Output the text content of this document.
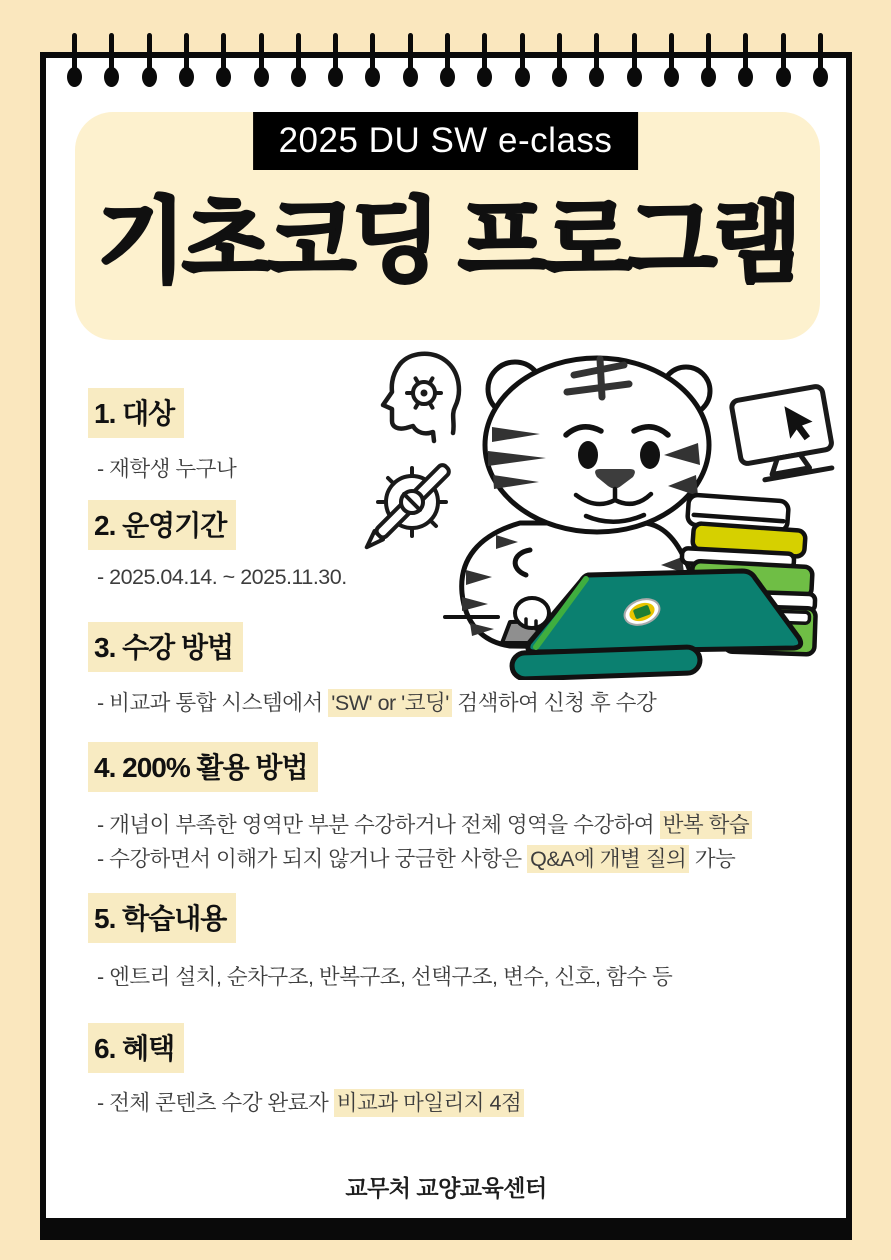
2025 DU SW e-class
기초코딩 프로그램
1. 대상

- 재학생 누구나

2. 운영기간

- 2025.04.14. ~ 2025.11.30.

3. 수강 방법

- 비교과 통합 시스템에서 'SW' or '코딩' 검색하여 신청 후 수강

4. 200% 활용 방법

- 개념이 부족한 영역만 부분 수강하거나 전체 영역을 수강하여 반복 학습

- 수강하면서 이해가 되지 않거나 궁금한 사항은 Q&A에 개별 질의 가능

5. 학습내용

- 엔트리 설치, 순차구조, 반복구조, 선택구조, 변수, 신호, 함수 등

6. 혜택

- 전체 콘텐츠 수강 완료자 비교과 마일리지 4점

교무처 교양교육센터
